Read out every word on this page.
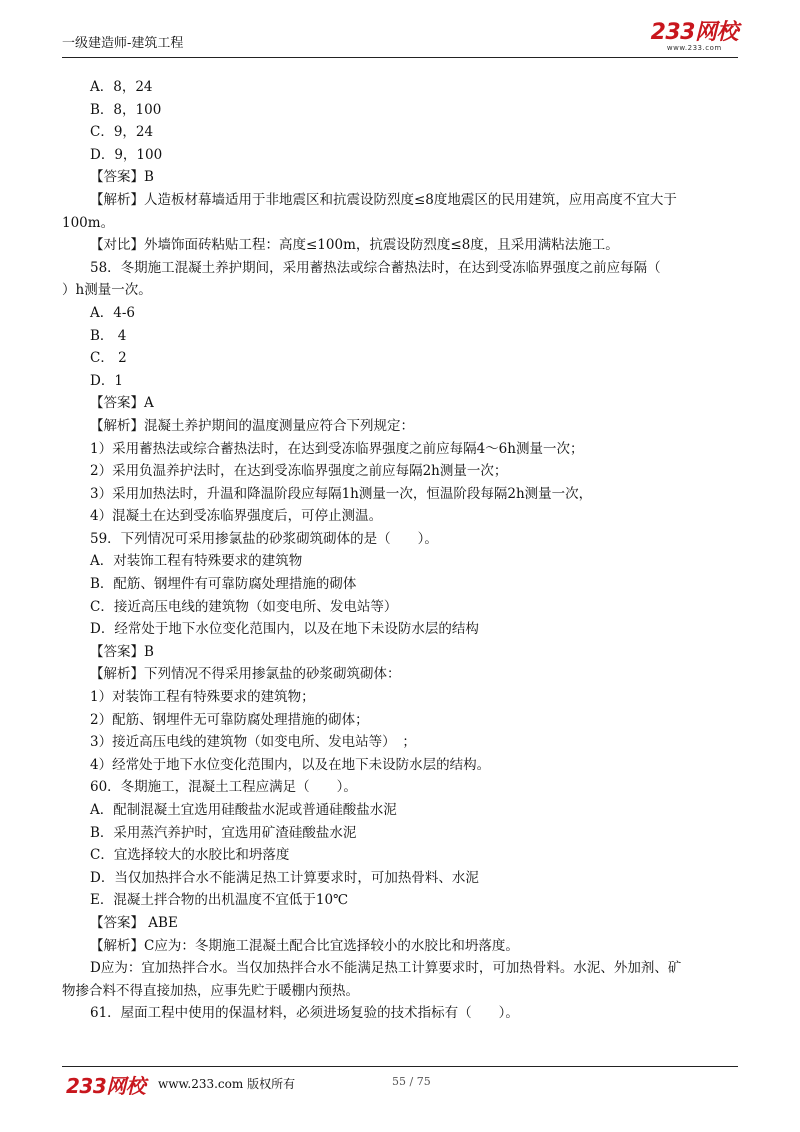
一级建造师-建筑工程	233网校
www.233.com
A．8，24
B．8，100
C．9，24
D．9，100
【答案】B
【解析】人造板材幕墙适用于非地震区和抗震设防烈度≤8度地震区的民用建筑，应用高度不宜大于
100m。
【对比】外墙饰面砖粘贴工程：高度≤100m，抗震设防烈度≤8度，且采用满粘法施工。
58．冬期施工混凝土养护期间，采用蓄热法或综合蓄热法时，在达到受冻临界强度之前应每隔（
）h测量一次。
A．4-6
B． 4
C． 2
D．1
【答案】A
【解析】混凝土养护期间的温度测量应符合下列规定：
1）采用蓄热法或综合蓄热法时，在达到受冻临界强度之前应每隔4～6h测量一次；
2）采用负温养护法时，在达到受冻临界强度之前应每隔2h测量一次；
3）采用加热法时，升温和降温阶段应每隔1h测量一次，恒温阶段每隔2h测量一次，
4）混凝土在达到受冻临界强度后，可停止测温。
59．下列情况可采用掺氯盐的砂浆砌筑砌体的是（　　）。
A．对装饰工程有特殊要求的建筑物
B．配筋、钢埋件有可靠防腐处理措施的砌体
C．接近高压电线的建筑物（如变电所、发电站等）
D．经常处于地下水位变化范围内，以及在地下未设防水层的结构
【答案】B
【解析】下列情况不得采用掺氯盐的砂浆砌筑砌体：
1）对装饰工程有特殊要求的建筑物；
2）配筋、钢埋件无可靠防腐处理措施的砌体；
3）接近高压电线的建筑物（如变电所、发电站等）　；
4）经常处于地下水位变化范围内，以及在地下未设防水层的结构。
60．冬期施工，混凝土工程应满足（　　）。
A．配制混凝土宜选用硅酸盐水泥或普通硅酸盐水泥
B．采用蒸汽养护时，宜选用矿渣硅酸盐水泥
C．宜选择较大的水胶比和坍落度
D．当仅加热拌合水不能满足热工计算要求时，可加热骨料、水泥
E．混凝土拌合物的出机温度不宜低于10℃
【答案】 ABE
【解析】C应为：冬期施工混凝土配合比宜选择较小的水胶比和坍落度。
D应为：宜加热拌合水。当仅加热拌合水不能满足热工计算要求时，可加热骨料。水泥、外加剂、矿
物掺合料不得直接加热，应事先贮于暖棚内预热。
61．屋面工程中使用的保温材料，必须进场复验的技术指标有（　　）。
233网校 www.233.com 版权所有	55 / 75
